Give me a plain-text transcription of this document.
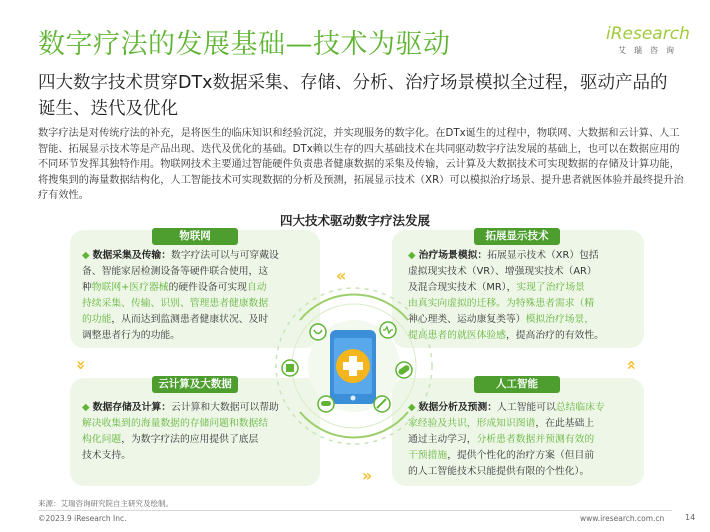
数字疗法的发展基础—技术为驱动	iResearch
艾瑞咨询
四大数字技术贯穿DTx数据采集、存储、分析、治疗场景模拟全过程，驱动产品的诞生、迭代及优化
数字疗法是对传统疗法的补充，是将医生的临床知识和经验沉淀，并实现服务的数字化。在DTx诞生的过程中，物联网、大数据和云计算、人工智能、拓展显示技术等是产品出现、迭代及优化的基础。DTx赖以生存的四大基础技术在共同驱动数字疗法发展的基础上，也可以在数据应用的不同环节发挥其独特作用。物联网技术主要通过智能硬件负责患者健康数据的采集及传输，云计算及大数据技术可实现数据的存储及计算功能，将搜集到的海量数据结构化，人工智能技术可实现数据的分析及预测，拓展显示技术（XR）可以模拟治疗场景、提升患者就医体验并最终提升治疗有效性。
四大技术驱动数字疗法发展
物联网
◆ 数据采集及传输：数字疗法可以与可穿戴设
备、智能家居检测设备等硬件联合使用，这
种物联网+医疗器械的硬件设备可实现自动
持续采集、传输、识别、管理患者健康数据
的功能，从而达到监测患者健康状况、及时
调整患者行为的功能。
拓展显示技术
◆ 治疗场景模拟：拓展显示技术（XR）包括
虚拟现实技术（VR）、增强现实技术（AR）
及混合现实技术（MR），实现了治疗场景
由真实向虚拟的迁移。为特殊患者需求（精
神心理类、运动康复类等）模拟治疗场景，
提高患者的就医体验感，提高治疗的有效性。
云计算及大数据
◆ 数据存储及计算：云计算和大数据可以帮助
解决收集到的海量数据的存储问题和数据结
构化问题，为数字疗法的应用提供了底层
技术支持。
人工智能
◆ 数据分析及预测：人工智能可以总结临床专
家经验及共识，形成知识图谱，在此基础上
通过主动学习，分析患者数据并预测有效的
干预措施，提供个性化的治疗方案（但目前
的人工智能技术只能提供有限的个性化）。
«
»
»	»
来源：艾瑞咨询研究院自主研究及绘制。
©2023.9 iResearch Inc.	www.iresearch.com.cn	14
